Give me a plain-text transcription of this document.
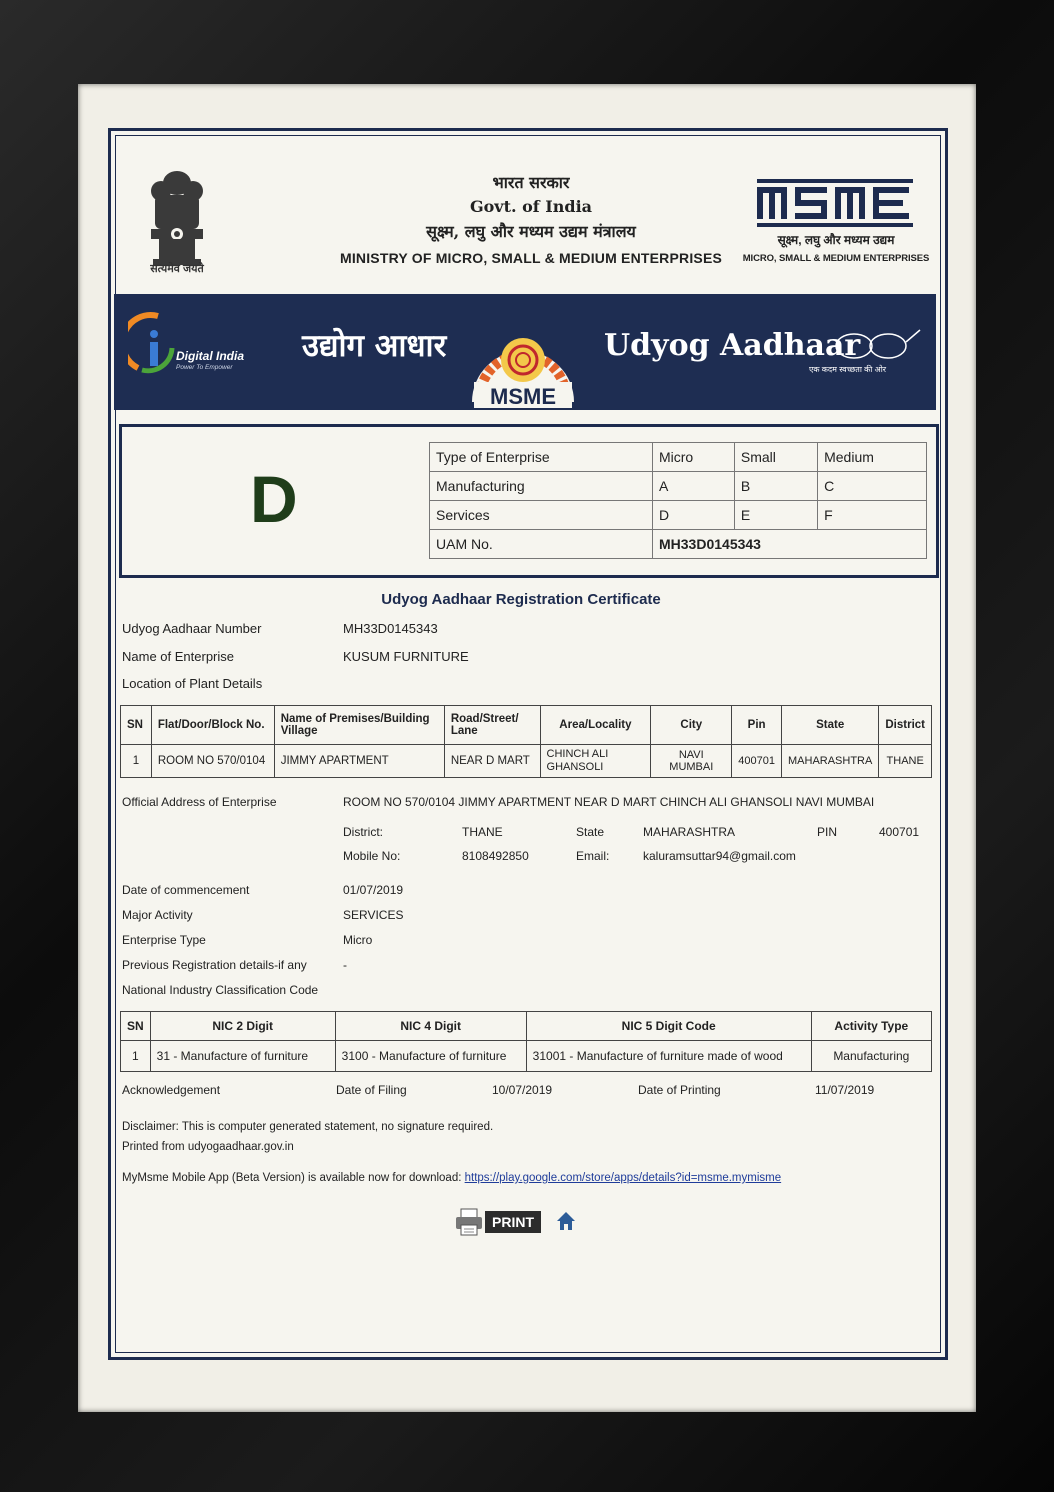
सत्यमेव जयते
भारत सरकार
Govt. of India
सूक्ष्म, लघु और मध्यम उद्यम मंत्रालय
MINISTRY OF MICRO, SMALL & MEDIUM ENTERPRISES
सूक्ष्म, लघु और मध्यम उद्यम
MICRO, SMALL & MEDIUM ENTERPRISES
Digital India
Power To Empower
उद्योग आधार
MSME
Udyog Aadhaar
एक कदम स्वच्छता की ओर
D
Type of Enterprise	Micro	Small	Medium
Manufacturing	A	B	C
Services	D	E	F
UAM No.	MH33D0145343		
Udyog Aadhaar Registration Certificate
Udyog Aadhaar Number	MH33D0145343
Name of Enterprise	KUSUM FURNITURE
Location of Plant Details
SN	Flat/Door/Block No.	Name of Premises/Building Village	Road/Street/ Lane	Area/Locality	City	Pin	State	District
1	ROOM NO 570/0104	JIMMY APARTMENT	NEAR D MART	CHINCH ALI GHANSOLI	NAVI MUMBAI	400701	MAHARASHTRA	THANE
Official Address of Enterprise	ROOM NO 570/0104 JIMMY APARTMENT NEAR D MART CHINCH ALI GHANSOLI NAVI MUMBAI
District:	THANE	State	MAHARASHTRA	PIN	400701
Mobile No:	8108492850	Email:	kaluramsuttar94@gmail.com
Date of commencement	01/07/2019
Major Activity	SERVICES
Enterprise Type	Micro
Previous Registration details-if any	-
National Industry Classification Code
SN	NIC 2 Digit	NIC 4 Digit	NIC 5 Digit Code	Activity Type
1	31 - Manufacture of furniture	3100 - Manufacture of furniture	31001 - Manufacture of furniture made of wood	Manufacturing
Acknowledgement	Date of Filing	10/07/2019	Date of Printing	11/07/2019
Disclaimer: This is computer generated statement, no signature required.
Printed from udyogaadhaar.gov.in
MyMsme Mobile App (Beta Version) is available now for download: https://play.google.com/store/apps/details?id=msme.mymisme
PRINT
